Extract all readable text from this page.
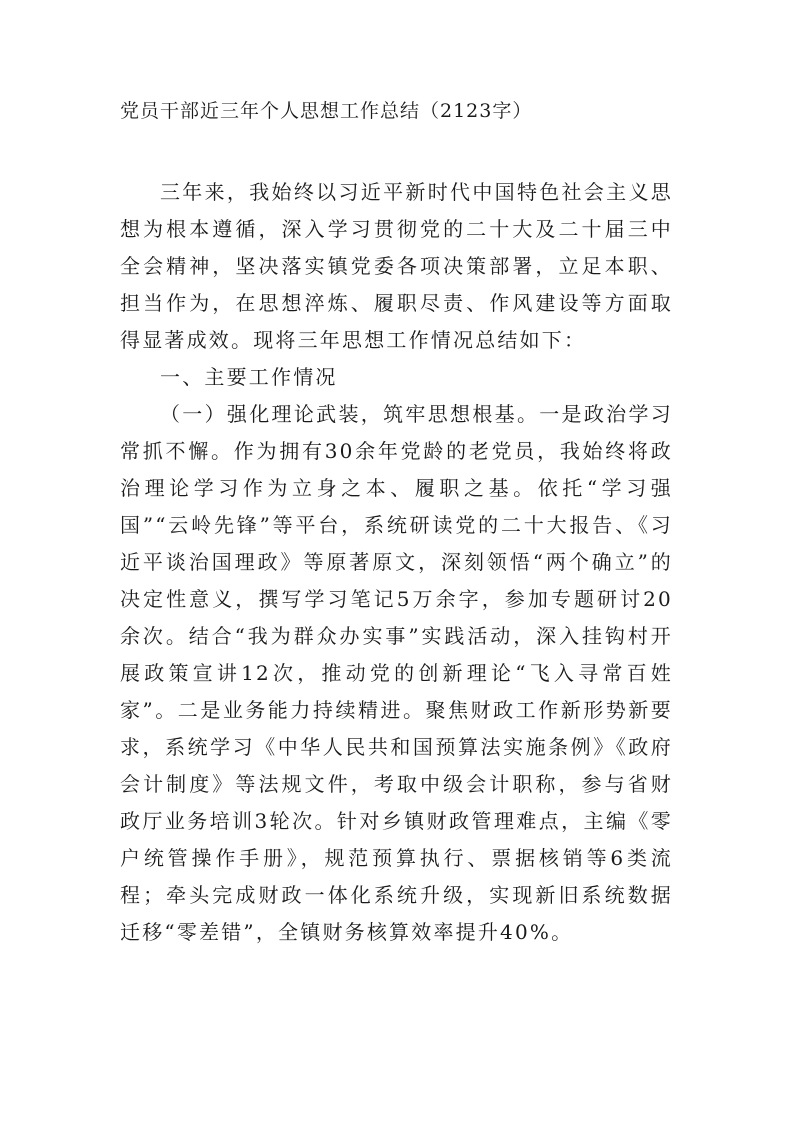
党员干部近三年个人思想工作总结（2123字）

三年来，我始终以习近平新时代中国特色社会主义思想为根本遵循，深入学习贯彻党的二十大及二十届三中全会精神，坚决落实镇党委各项决策部署，立足本职、担当作为，在思想淬炼、履职尽责、作风建设等方面取得显著成效。现将三年思想工作情况总结如下：

一、主要工作情况

（一）强化理论武装，筑牢思想根基。一是政治学习常抓不懈。作为拥有30余年党龄的老党员，我始终将政治理论学习作为立身之本、履职之基。依托“学习强国”“云岭先锋”等平台，系统研读党的二十大报告、《习近平谈治国理政》等原著原文，深刻领悟“两个确立”的决定性意义，撰写学习笔记5万余字，参加专题研讨20余次。结合“我为群众办实事”实践活动，深入挂钩村开展政策宣讲12次，推动党的创新理论“飞入寻常百姓家”。二是业务能力持续精进。聚焦财政工作新形势新要求，系统学习《中华人民共和国预算法实施条例》《政府会计制度》等法规文件，考取中级会计职称，参与省财政厅业务培训3轮次。针对乡镇财政管理难点，主编《零户统管操作手册》，规范预算执行、票据核销等6类流程；牵头完成财政一体化系统升级，实现新旧系统数据迁移“零差错”，全镇财务核算效率提升40%。
